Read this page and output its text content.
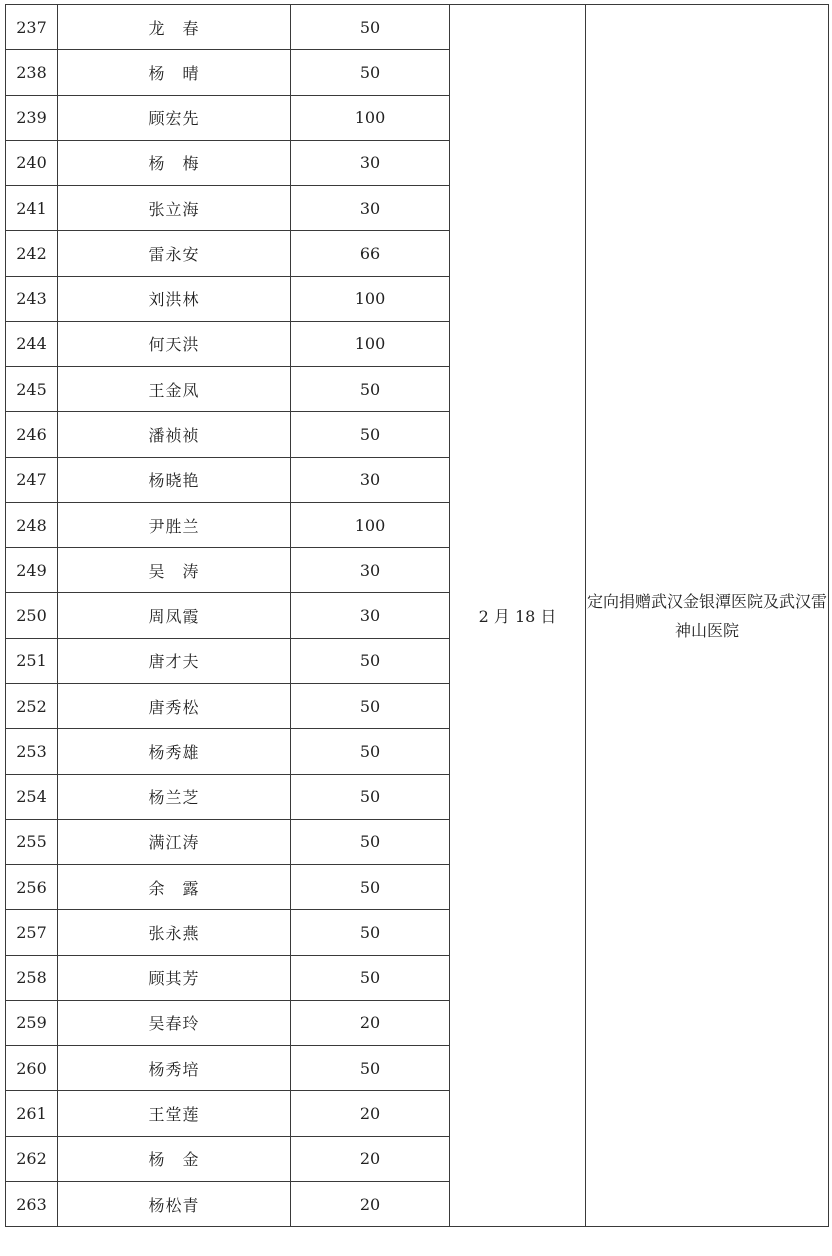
237	龙　春	50	2 月 18 日	定向捐赠武汉金银潭医院及武汉雷神山医院
238	杨　晴	50		
239	顾宏先	100		
240	杨　梅	30		
241	张立海	30		
242	雷永安	66		
243	刘洪林	100		
244	何天洪	100		
245	王金凤	50		
246	潘祯祯	50		
247	杨晓艳	30		
248	尹胜兰	100		
249	吴　涛	30		
250	周凤霞	30		
251	唐才夫	50		
252	唐秀松	50		
253	杨秀雄	50		
254	杨兰芝	50		
255	满江涛	50		
256	余　露	50		
257	张永燕	50		
258	顾其芳	50		
259	吴春玲	20		
260	杨秀培	50		
261	王堂莲	20		
262	杨　金	20		
263	杨松青	20		
